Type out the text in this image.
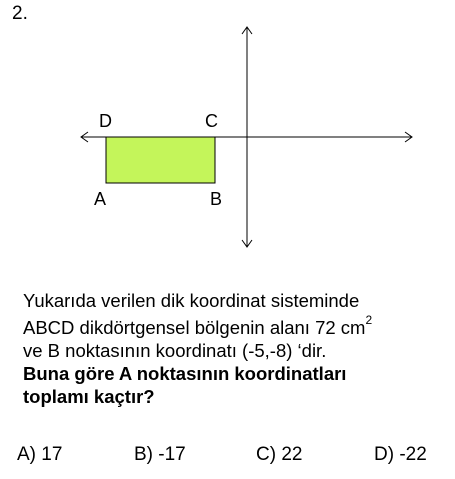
2.
D	C
A	B
Yukarıda verilen dik koordinat sisteminde
ABCD dikdörtgensel bölgenin alanı 72 $cm^2$
ve B noktasının koordinatı (-5,-8) ‘dir.
Buna göre A noktasının koordinatları
toplamı kaçtır?
A) 17	B) -17	C) 22	D) -22
